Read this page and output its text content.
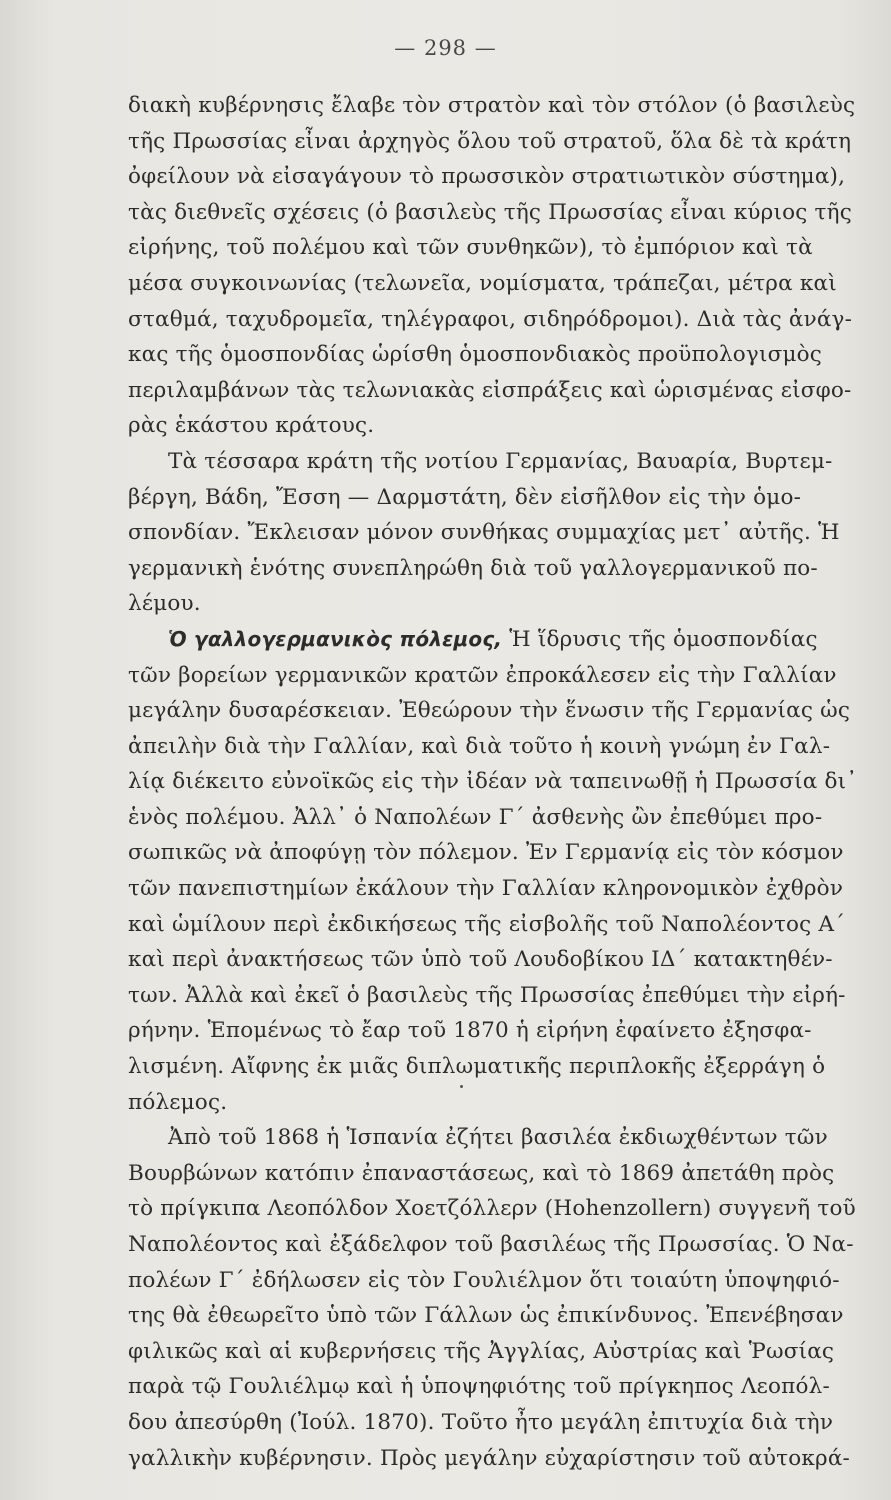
— 298 —
διακὴ κυβέρνησις ἔλαβε τὸν στρατὸν καὶ τὸν στόλον (ὁ βασιλεὺς
τῆς Πρωσσίας εἶναι ἀρχηγὸς ὅλου τοῦ στρατοῦ, ὅλα δὲ τὰ κράτη
ὀφείλουν νὰ εἰσαγάγουν τὸ πρωσσικὸν στρατιωτικὸν σύστημα),
τὰς διεθνεῖς σχέσεις (ὁ βασιλεὺς τῆς Πρωσσίας εἶναι κύριος τῆς
εἰρήνης, τοῦ πολέμου καὶ τῶν συνθηκῶν), τὸ ἐμπόριον καὶ τὰ
μέσα συγκοινωνίας (τελωνεῖα, νομίσματα, τράπεζαι, μέτρα καὶ
σταθμά, ταχυδρομεῖα, τηλέγραφοι, σιδηρόδρομοι). Διὰ τὰς ἀνάγ-
κας τῆς ὁμοσπονδίας ὡρίσθη ὁμοσπονδιακὸς προϋπολογισμὸς
περιλαμβάνων τὰς τελωνιακὰς εἰσπράξεις καὶ ὡρισμένας εἰσφο-
ρὰς ἑκάστου κράτους.
Τὰ τέσσαρα κράτη τῆς νοτίου Γερμανίας, Βαυαρία, Βυρτεμ-
βέργη, Βάδη, Ἔσση — Δαρμστάτη, δὲν εἰσῆλθον εἰς τὴν ὁμο-
σπονδίαν. Ἔκλεισαν μόνον συνθήκας συμμαχίας μετ᾽ αὐτῆς. Ἡ
γερμανικὴ ἑνότης συνεπληρώθη διὰ τοῦ γαλλογερμανικοῦ πο-
λέμου.
Ὁ γαλλογερμανικὸς πόλεμος, Ἡ ἵδρυσις τῆς ὁμοσπονδίας
τῶν βορείων γερμανικῶν κρατῶν ἐπροκάλεσεν εἰς τὴν Γαλλίαν
μεγάλην δυσαρέσκειαν. Ἐθεώρουν τὴν ἕνωσιν τῆς Γερμανίας ὡς
ἀπειλὴν διὰ τὴν Γαλλίαν, καὶ διὰ τοῦτο ἡ κοινὴ γνώμη ἐν Γαλ-
λίᾳ διέκειτο εὐνοϊκῶς εἰς τὴν ἰδέαν νὰ ταπεινωθῇ ἡ Πρωσσία δι᾽
ἑνὸς πολέμου. Ἀλλ᾽ ὁ Ναπολέων Γ΄ ἀσθενὴς ὢν ἐπεθύμει προ-
σωπικῶς νὰ ἀποφύγῃ τὸν πόλεμον. Ἐν Γερμανίᾳ εἰς τὸν κόσμον
τῶν πανεπιστημίων ἐκάλουν τὴν Γαλλίαν κληρονομικὸν ἐχθρὸν
καὶ ὡμίλουν περὶ ἐκδικήσεως τῆς εἰσβολῆς τοῦ Ναπολέοντος Α΄
καὶ περὶ ἀνακτήσεως τῶν ὑπὸ τοῦ Λουδοβίκου ΙΔ΄ κατακτηθέν-
των. Ἀλλὰ καὶ ἐκεῖ ὁ βασιλεὺς τῆς Πρωσσίας ἐπεθύμει τὴν εἰρή-
ρήνην. Ἑπομένως τὸ ἔαρ τοῦ 1870 ἡ εἰρήνη ἐφαίνετο ἐξησφα-
λισμένη. Αἴφνης ἐκ μιᾶς διπλωματικῆς περιπλοκῆς ἐξερράγη ὁ
πόλεμος.
Ἀπὸ τοῦ 1868 ἡ Ἱσπανία ἐζήτει βασιλέα ἐκδιωχθέντων τῶν
Βουρβώνων κατόπιν ἐπαναστάσεως, καὶ τὸ 1869 ἀπετάθη πρὸς
τὸ πρίγκιπα Λεοπόλδον Χοετζόλλερν (Hohenzollern) συγγενῆ τοῦ
Ναπολέοντος καὶ ἐξάδελφον τοῦ βασιλέως τῆς Πρωσσίας. Ὁ Να-
πολέων Γ΄ ἐδήλωσεν εἰς τὸν Γουλιέλμον ὅτι τοιαύτη ὑποψηφιό-
της θὰ ἐθεωρεῖτο ὑπὸ τῶν Γάλλων ὡς ἐπικίνδυνος. Ἐπενέβησαν
φιλικῶς καὶ αἱ κυβερνήσεις τῆς Ἀγγλίας, Αὐστρίας καὶ Ῥωσίας
παρὰ τῷ Γουλιέλμῳ καὶ ἡ ὑποψηφιότης τοῦ πρίγκηπος Λεοπόλ-
δου ἀπεσύρθη (Ἰούλ. 1870). Τοῦτο ἦτο μεγάλη ἐπιτυχία διὰ τὴν
γαλλικὴν κυβέρνησιν. Πρὸς μεγάλην εὐχαρίστησιν τοῦ αὐτοκρά-
